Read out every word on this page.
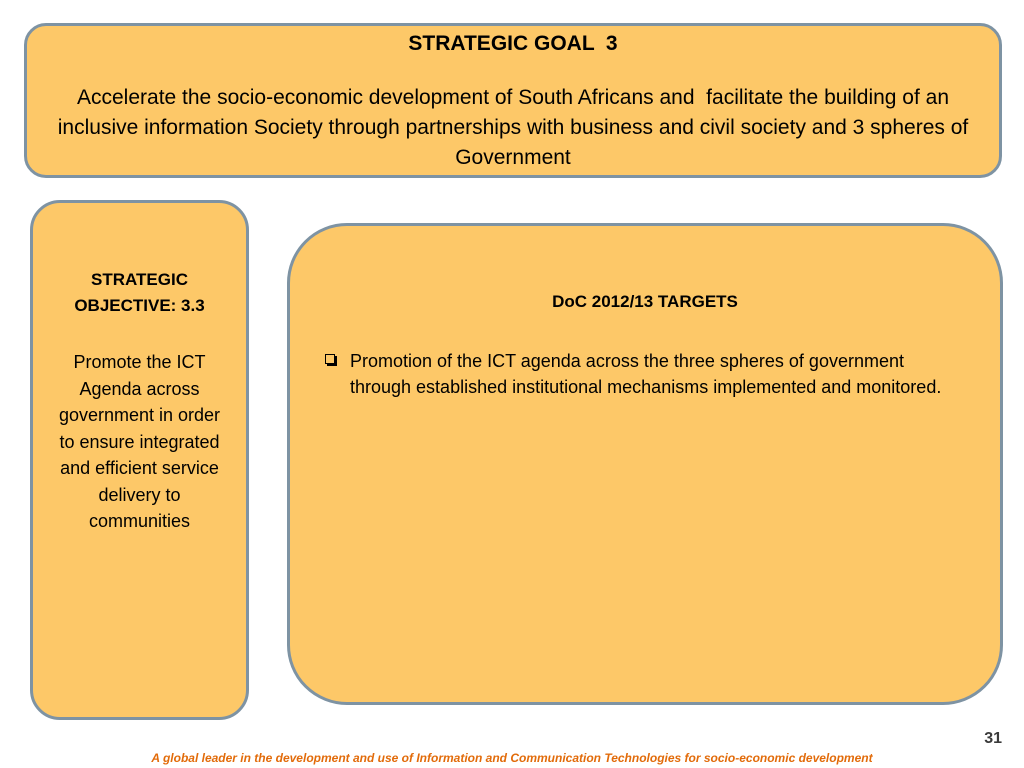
STRATEGIC GOAL  3
Accelerate the socio-economic development of South Africans and  facilitate the building of an inclusive information Society through partnerships with business and civil society and 3 spheres of Government
STRATEGIC OBJECTIVE: 3.3
Promote the ICT Agenda across government in order to ensure integrated and efficient service delivery to communities
DoC 2012/13 TARGETS
Promotion of the ICT agenda across the three spheres of government through established institutional mechanisms implemented and monitored.
31
A global leader in the development and use of Information and Communication Technologies for socio-economic development
